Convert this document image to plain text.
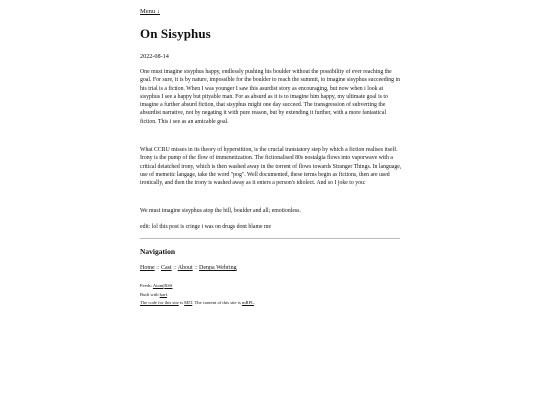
Menu ↓
On Sisyphus
2022-08-14

One must imagine sisyphus happy, endlessly pushing his boulder without the possibility of ever reaching the goal. For sure, it is by nature, impossible for the boulder to reach the summit, to imagine sisyphus succeeding in his trial is a fiction. When I was younger I saw this asurdist story as encouraging, but now when i look at sisyphus I see a happy but pityable man. For as absurd as it is to imagine him happy, my ultimate goal is to imagine a further absurd fiction, that sisyphus might one day succeed. The transgression of subverting the absurdist narrative, not by negating it with pure reason, but by extending it further, with a more fantastical fiction. This i see as an amicable goal.

What CCRU misses in its theory of hyperstition, is the crucial transiatory step by which a fiction realises itself. Irony is the pump of the flow of immenetization. The fictionalised 80s nostalgia flows into vaporwave with a critical detatched irony, which is then washed away in the torrent of flows towards Stranger Things. In language, use of memetic langage, take the word "pog". Well documented, these terms begin as fictions, then are used ironically, and then the irony is washed away as it enters a person's idiolect. And so I joke to you:

We must imagine sisyphus atop the hill, boulder and all; emotionless.

edit: lol this post is cringe i was on drugs dont blame me

Navigation
Home :: Cast :: About :: Denpa Webring
Feeds: Atom|RSS
Built with barf.
The code for this site is MIT. The content of this site is mRPL.
